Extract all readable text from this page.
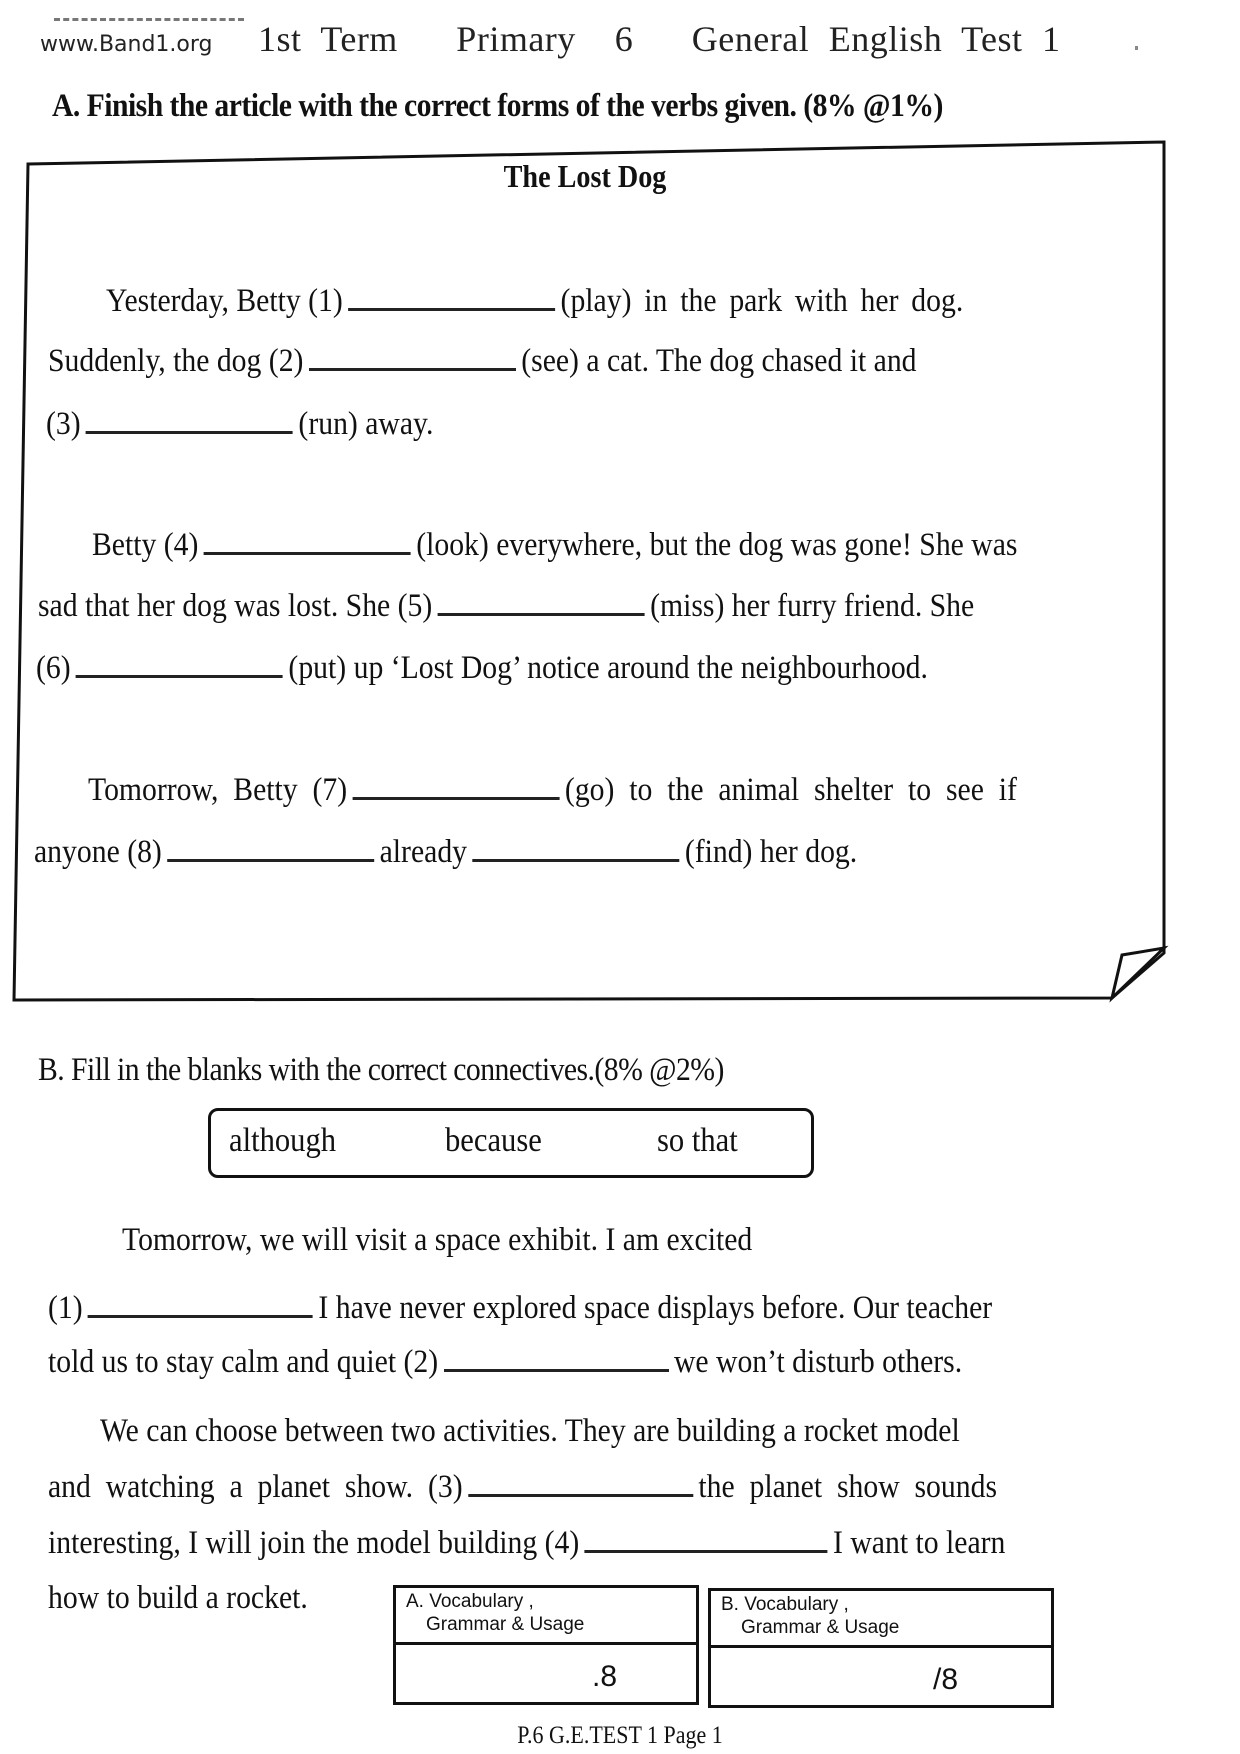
www.Band1.org 1st Term   Primary  6   General English Test 1
A. Finish the article with the correct forms of the verbs given. (8% @1%)
The Lost Dog
Yesterday, Betty (1)	(play) in the park with her dog.
Suddenly, the dog (2)	(see) a cat. The dog chased it and
(3)	(run) away.
Betty (4)	(look) everywhere, but the dog was gone! She was
sad that her dog was lost. She (5)	(miss) her furry friend. She
(6)	(put) up ‘Lost Dog’ notice around the neighbourhood.
Tomorrow,  Betty  (7)	(go)  to  the  animal  shelter  to  see  if
anyone (8)	already	(find) her dog.
B. Fill in the blanks with the correct connectives.(8% @2%)
although	because	so that
Tomorrow, we will visit a space exhibit. I am excited
(1)	I have never explored space displays before. Our teacher
told us to stay calm and quiet (2)	we won’t disturb others.
We can choose between two activities. They are building a rocket model
and  watching  a  planet  show.  (3)	the  planet  show  sounds
interesting, I will join the model building (4)	I want to learn
how to build a rocket.	A. Vocabulary ,
Grammar & Usage
.8
B. Vocabulary ,
Grammar & Usage
/8
P.6 G.E.TEST 1 Page 1
